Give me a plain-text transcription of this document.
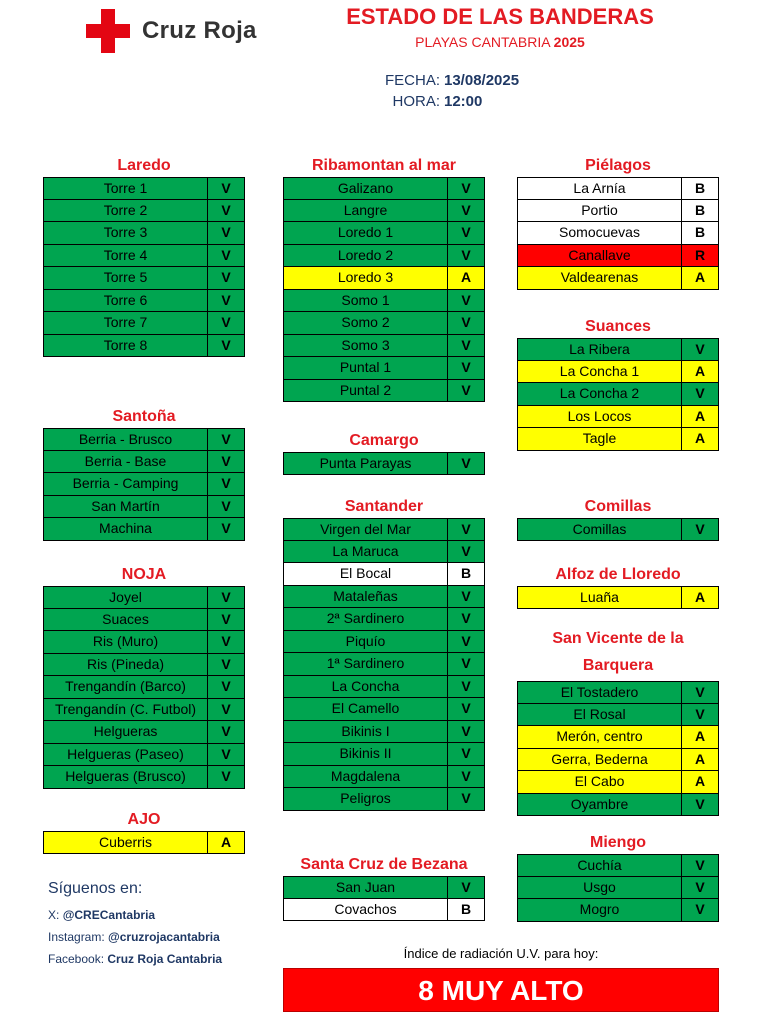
Cruz Roja
ESTADO DE LAS BANDERAS
PLAYAS CANTABRIA 2025
FECHA: 13/08/2025
HORA: 12:00
Laredo
Torre 1	V
Torre 2	V
Torre 3	V
Torre 4	V
Torre 5	V
Torre 6	V
Torre 7	V
Torre 8	V
Santoña
Berria - Brusco	V
Berria - Base	V
Berria - Camping	V
San Martín	V
Machina	V
NOJA
Joyel	V
Suaces	V
Ris (Muro)	V
Ris (Pineda)	V
Trengandín (Barco)	V
Trengandín (C. Futbol)	V
Helgueras	V
Helgueras (Paseo)	V
Helgueras (Brusco)	V
AJO
Cuberris	A
Ribamontan al mar
Galizano	V
Langre	V
Loredo 1	V
Loredo 2	V
Loredo 3	A
Somo 1	V
Somo 2	V
Somo 3	V
Puntal 1	V
Puntal 2	V
Camargo
Punta Parayas	V
Santander
Virgen del Mar	V
La Maruca	V
El Bocal	B
Mataleñas	V
2ª Sardinero	V
Piquío	V
1ª Sardinero	V
La Concha	V
El Camello	V
Bikinis I	V
Bikinis II	V
Magdalena	V
Peligros	V
Santa Cruz de Bezana
San Juan	V
Covachos	B
Piélagos
La Arnía	B
Portio	B
Somocuevas	B
Canallave	R
Valdearenas	A
Suances
La Ribera	V
La Concha 1	A
La Concha 2	V
Los Locos	A
Tagle	A
Comillas
Comillas	V
Alfoz de Lloredo
Luaña	A
San Vicente de la
Barquera
El Tostadero	V
El Rosal	V
Merón, centro	A
Gerra, Bederna	A
El Cabo	A
Oyambre	V
Miengo
Cuchía	V
Usgo	V
Mogro	V
Síguenos en:
X: @CRECantabria
Instagram: @cruzrojacantabria
Facebook: Cruz Roja Cantabria	Índice de radiación U.V. para hoy:
8 MUY ALTO
